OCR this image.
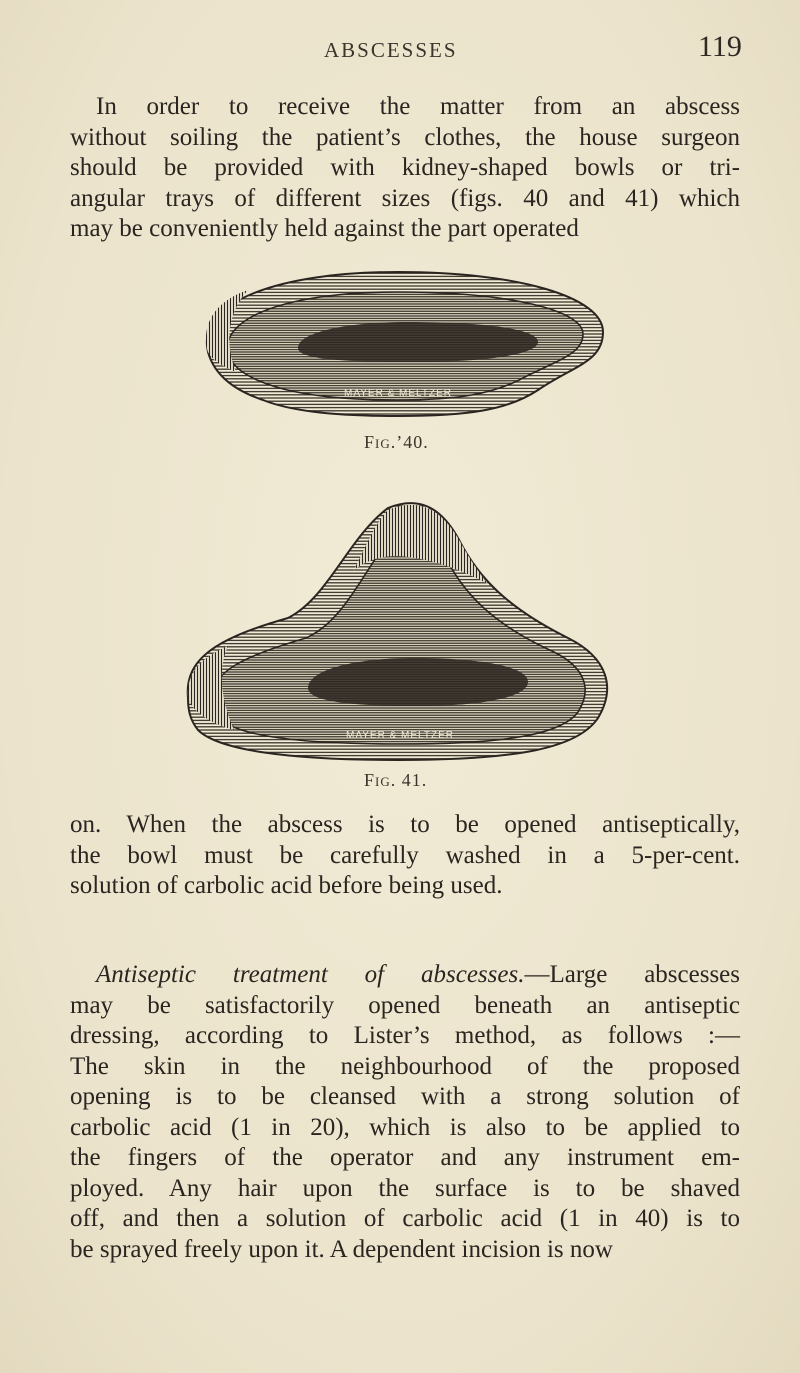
ABSCESSES	119

In order to receive the matter from an abscess
without soiling the patient’s clothes, the house surgeon
should be provided with kidney-shaped bowls or tri-
angular trays of different sizes (figs. 40 and 41) which
may be conveniently held against the part operated

MAYER & MELTZER
Fig.’40.
MAYER & MELTZER
Fig. 41.

on. When the abscess is to be opened antiseptically,
the bowl must be carefully washed in a 5-per-cent.
solution of carbolic acid before being used.

Antiseptic treatment of abscesses.—Large abscesses
may be satisfactorily opened beneath an antiseptic
dressing, according to Lister’s method, as follows :—
The skin in the neighbourhood of the proposed
opening is to be cleansed with a strong solution of
carbolic acid (1 in 20), which is also to be applied to
the fingers of the operator and any instrument em-
ployed. Any hair upon the surface is to be shaved
off, and then a solution of carbolic acid (1 in 40) is to
be sprayed freely upon it. A dependent incision is now
